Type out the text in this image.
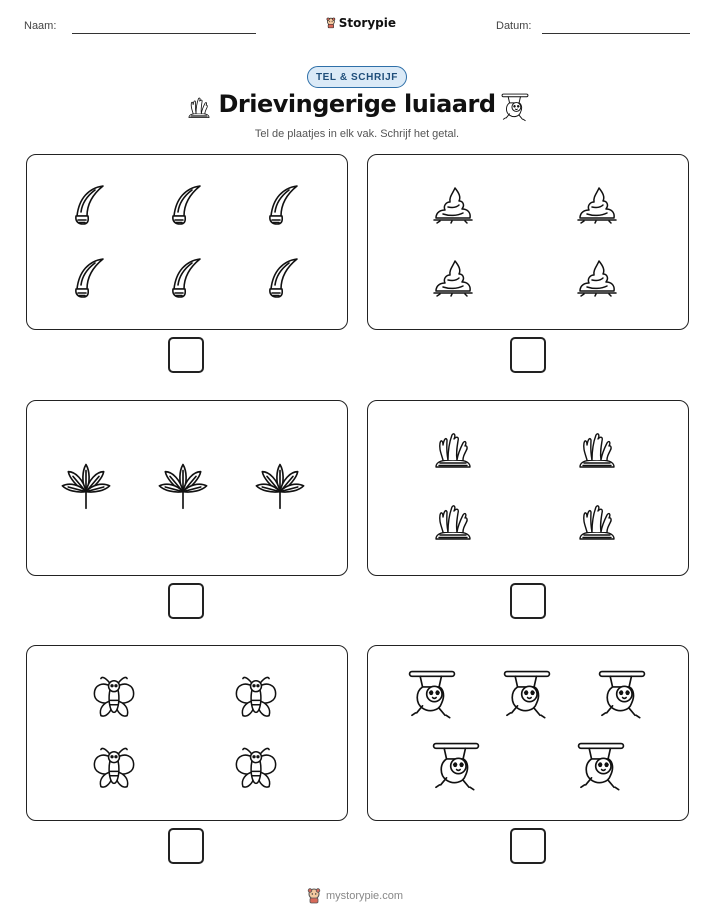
Naam:	Storypie	Datum:
TEL & SCHRIJF
Drievingerige luiaard
Tel de plaatjes in elk vak. Schrijf het getal.
mystorypie.com
